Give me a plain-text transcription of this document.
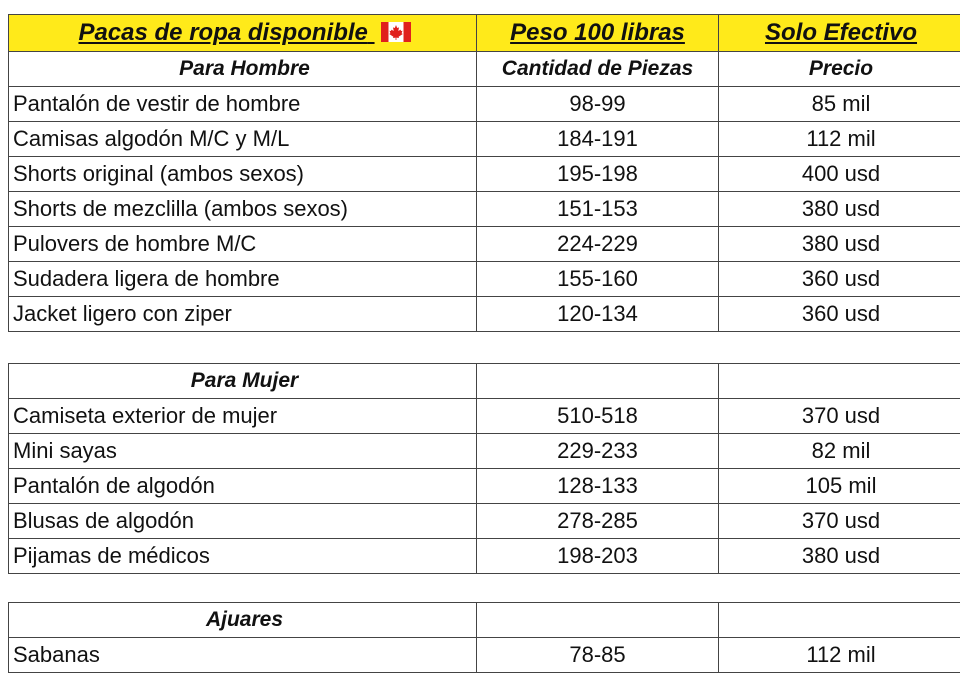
Pacas de ropa disponible	Peso 100 libras	Solo Efectivo
Para Hombre	Cantidad de Piezas	Precio
Pantalón de vestir de hombre	98-99	85 mil
Camisas algodón M/C y M/L	184-191	112 mil
Shorts original (ambos sexos)	195-198	400 usd
Shorts de mezclilla (ambos sexos)	151-153	380 usd
Pulovers de hombre M/C	224-229	380 usd
Sudadera ligera de hombre	155-160	360 usd
Jacket ligero con ziper	120-134	360 usd
Para Mujer		
Camiseta exterior de mujer	510-518	370 usd
Mini sayas	229-233	82 mil
Pantalón de algodón	128-133	105 mil
Blusas de algodón	278-285	370 usd
Pijamas de médicos	198-203	380 usd
Ajuares		
Sabanas	78-85	112 mil
